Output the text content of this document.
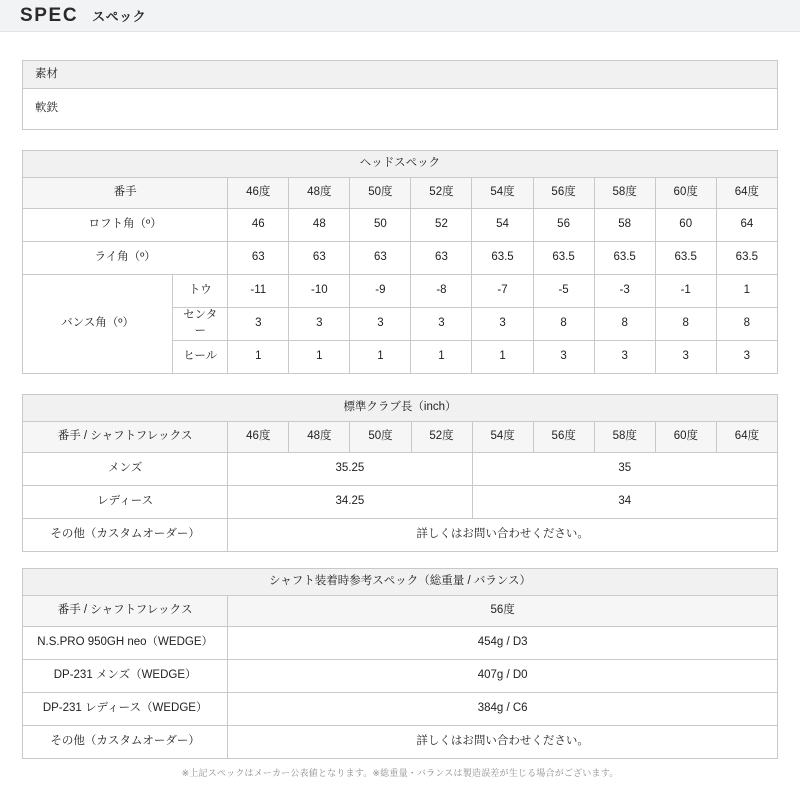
SPEC スペック
素材
軟鉄
ヘッドスペック										
番手		46度	48度	50度	52度	54度	56度	58度	60度	64度
ロフト角（º）		46	48	50	52	54	56	58	60	64
ライ角（º）		63	63	63	63	63.5	63.5	63.5	63.5	63.5
バンス角（º）	トウ	-11	-10	-9	-8	-7	-5	-3	-1	1
	センター	3	3	3	3	3	8	8	8	8
	ヒール	1	1	1	1	1	3	3	3	3
標準クラブ長（inch）									
番手 / シャフトフレックス	46度	48度	50度	52度	54度	56度	58度	60度	64度
メンズ	35.25				35				
レディース	34.25				34				
その他（カスタムオーダー）	詳しくはお問い合わせください。								
シャフト装着時参考スペック（総重量 / バランス）	
番手 / シャフトフレックス	56度
N.S.PRO 950GH neo（WEDGE）	454g / D3
DP-231 メンズ（WEDGE）	407g / D0
DP-231 レディース（WEDGE）	384g / C6
その他（カスタムオーダー）	詳しくはお問い合わせください。
※上記スペックはメーカー公表値となります。※総重量・バランスは製造誤差が生じる場合がございます。
